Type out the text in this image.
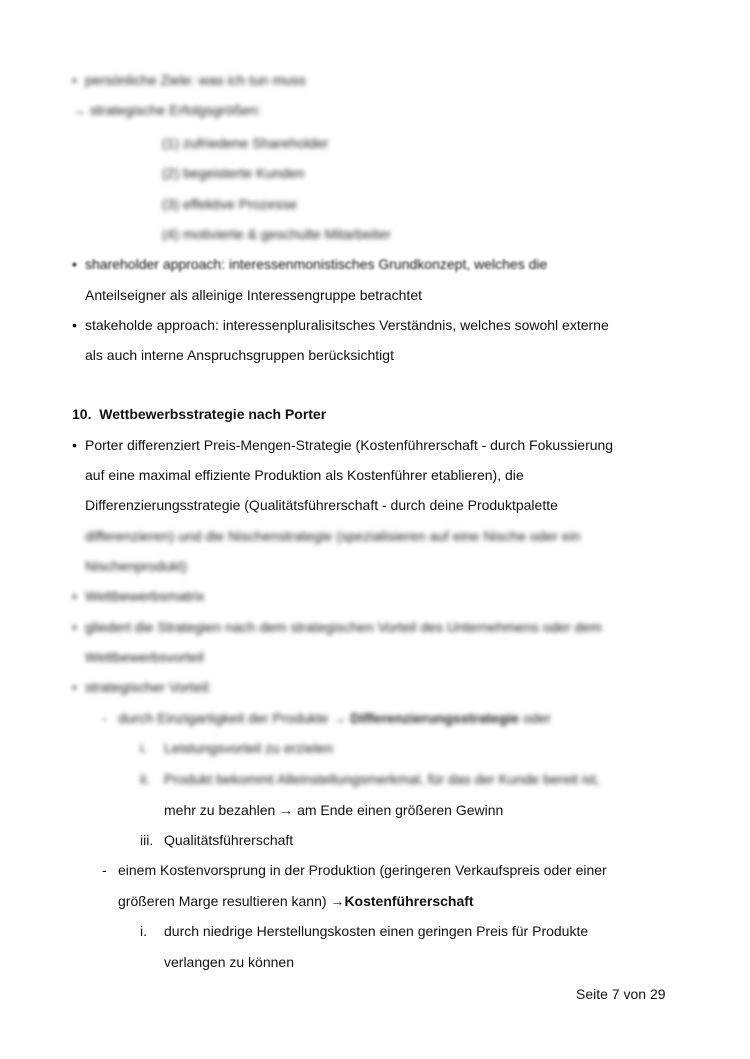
• persönliche Ziele: was ich tun muss
→ strategische Erfolgsgrößen:
(1) zufriedene Shareholder
(2) begeisterte Kunden
(3) effektive Prozesse
(4) motivierte & geschulte Mitarbeiter
• shareholder approach: interessenmonistisches Grundkonzept, welches die
Anteilseigner als alleinige Interessengruppe betrachtet
• stakeholde approach: interessenpluralisitsches Verständnis, welches sowohl externe
als auch interne Anspruchsgruppen berücksichtigt
10. Wettbewerbsstrategie nach Porter
• Porter differenziert Preis-Mengen-Strategie (Kostenführerschaft - durch Fokussierung
auf eine maximal effiziente Produktion als Kostenführer etablieren), die
Differenzierungsstrategie (Qualitätsführerschaft - durch deine Produktpalette
differenzieren) und die Nischenstrategie (spezialisieren auf eine Nische oder ein
Nischenprodukt)
• Wettbewerbsmatrix
• gliedert die Strategien nach dem strategischen Vorteil des Unternehmens oder dem
Wettbewerbsvorteil
• strategischer Vorteil:
- durch Einzigartigkeit der Produkte → Differenzierungsstrategie oder
i. Leistungsvorteil zu erzielen
ii. Produkt bekommt Alleinstellungsmerkmal, für das der Kunde bereit ist,
mehr zu bezahlen → am Ende einen größeren Gewinn
iii. Qualitätsführerschaft
- einem Kostenvorsprung in der Produktion (geringeren Verkaufspreis oder einer
größeren Marge resultieren kann) →Kostenführerschaft
i. durch niedrige Herstellungskosten einen geringen Preis für Produkte
verlangen zu können
Seite 7 von 29
